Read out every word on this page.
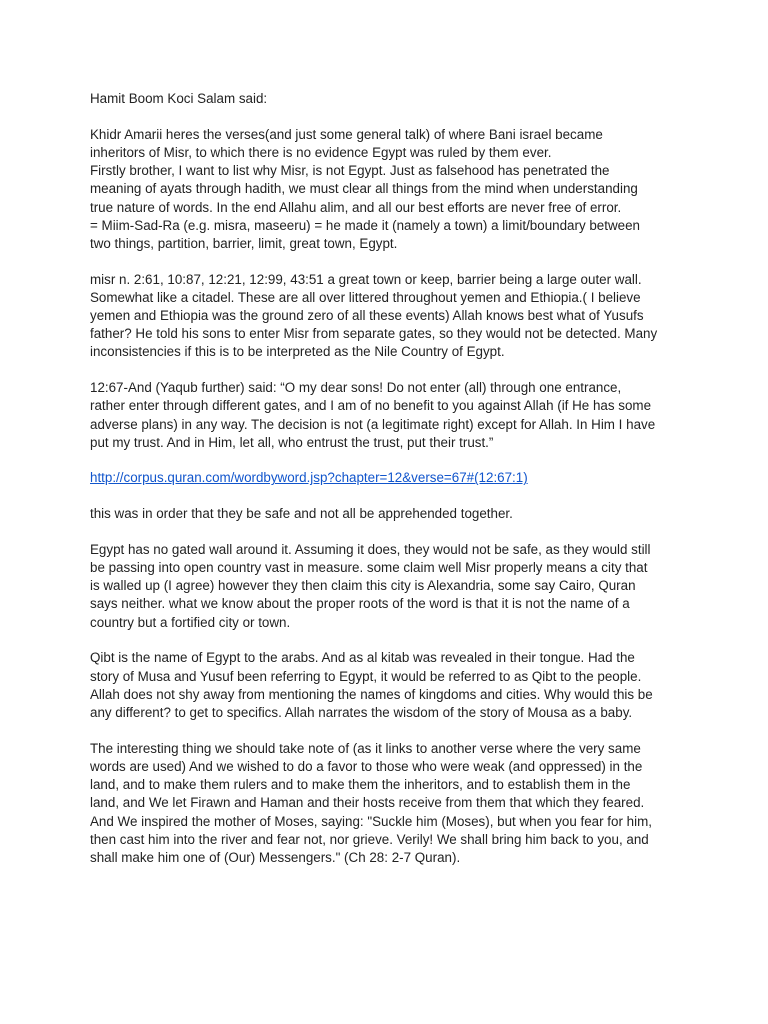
Hamit Boom Koci Salam said:
Khidr Amarii heres the verses(and just some general talk) of where Bani israel became
inheritors of Misr, to which there is no evidence Egypt was ruled by them ever.
Firstly brother, I want to list why Misr, is not Egypt. Just as falsehood has penetrated the
meaning of ayats through hadith, we must clear all things from the mind when understanding
true nature of words. In the end Allahu alim, and all our best efforts are never free of error.
= Miim-Sad-Ra (e.g. misra, maseeru) = he made it (namely a town) a limit/boundary between
two things, partition, barrier, limit, great town, Egypt.
misr n. 2:61, 10:87, 12:21, 12:99, 43:51 a great town or keep, barrier being a large outer wall.
Somewhat like a citadel. These are all over littered throughout yemen and Ethiopia.( I believe
yemen and Ethiopia was the ground zero of all these events) Allah knows best what of Yusufs
father? He told his sons to enter Misr from separate gates, so they would not be detected. Many
inconsistencies if this is to be interpreted as the Nile Country of Egypt.
12:67-And (Yaqub further) said: “O my dear sons! Do not enter (all) through one entrance,
rather enter through different gates, and I am of no benefit to you against Allah (if He has some
adverse plans) in any way. The decision is not (a legitimate right) except for Allah. In Him I have
put my trust. And in Him, let all, who entrust the trust, put their trust.”
http://corpus.quran.com/wordbyword.jsp?chapter=12&verse=67#(12:67:1)
this was in order that they be safe and not all be apprehended together.
Egypt has no gated wall around it. Assuming it does, they would not be safe, as they would still
be passing into open country vast in measure. some claim well Misr properly means a city that
is walled up (I agree) however they then claim this city is Alexandria, some say Cairo, Quran
says neither. what we know about the proper roots of the word is that it is not the name of a
country but a fortified city or town.
Qibt is the name of Egypt to the arabs. And as al kitab was revealed in their tongue. Had the
story of Musa and Yusuf been referring to Egypt, it would be referred to as Qibt to the people.
Allah does not shy away from mentioning the names of kingdoms and cities. Why would this be
any different? to get to specifics. Allah narrates the wisdom of the story of Mousa as a baby.
The interesting thing we should take note of (as it links to another verse where the very same
words are used) And we wished to do a favor to those who were weak (and oppressed) in the
land, and to make them rulers and to make them the inheritors, and to establish them in the
land, and We let Firawn and Haman and their hosts receive from them that which they feared.
And We inspired the mother of Moses, saying: "Suckle him (Moses), but when you fear for him,
then cast him into the river and fear not, nor grieve. Verily! We shall bring him back to you, and
shall make him one of (Our) Messengers." (Ch 28: 2-7 Quran).
